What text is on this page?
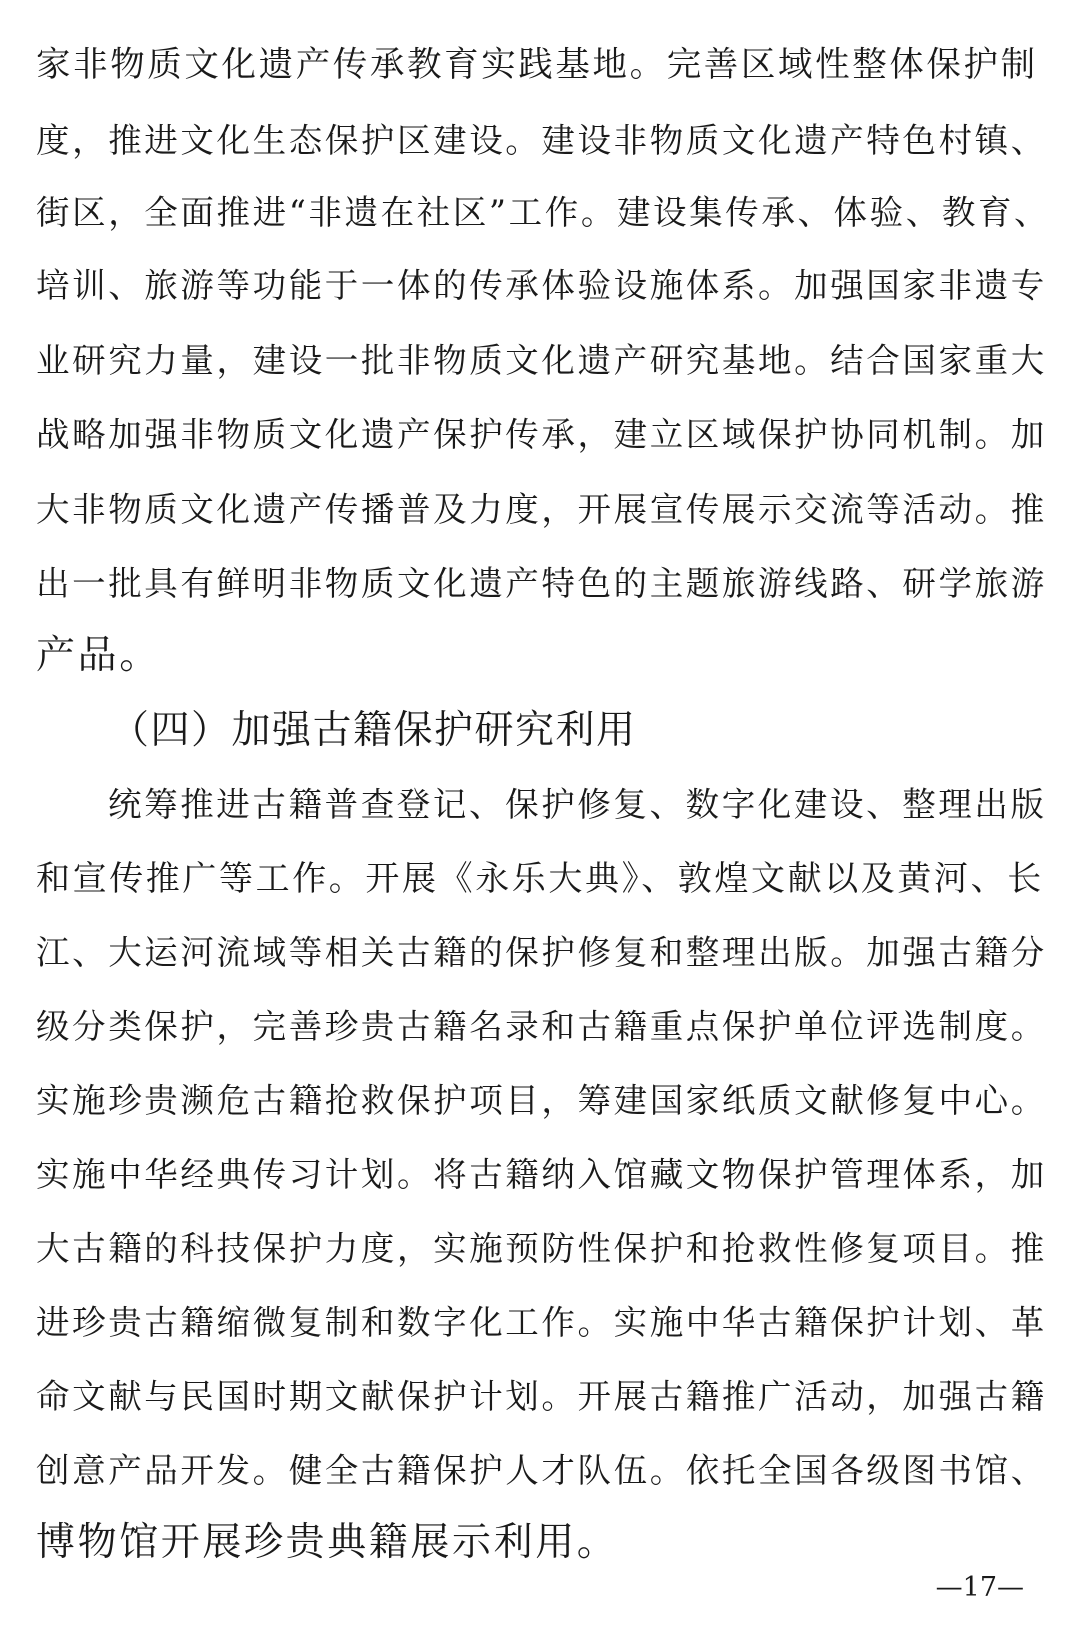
家非物质文化遗产传承教育实践基地。完善区域性整体保护制
度，推进文化生态保护区建设。建设非物质文化遗产特色村镇、
街区，全面推进“非遗在社区”工作。建设集传承、体验、教育、
培训、旅游等功能于一体的传承体验设施体系。加强国家非遗专
业研究力量，建设一批非物质文化遗产研究基地。结合国家重大
战略加强非物质文化遗产保护传承，建立区域保护协同机制。加
大非物质文化遗产传播普及力度，开展宣传展示交流等活动。推
出一批具有鲜明非物质文化遗产特色的主题旅游线路、研学旅游
产品。
（四）加强古籍保护研究利用
统筹推进古籍普查登记、保护修复、数字化建设、整理出版
和宣传推广等工作。开展《永乐大典》、敦煌文献以及黄河、长
江、大运河流域等相关古籍的保护修复和整理出版。加强古籍分
级分类保护，完善珍贵古籍名录和古籍重点保护单位评选制度。
实施珍贵濒危古籍抢救保护项目，筹建国家纸质文献修复中心。
实施中华经典传习计划。将古籍纳入馆藏文物保护管理体系，加
大古籍的科技保护力度，实施预防性保护和抢救性修复项目。推
进珍贵古籍缩微复制和数字化工作。实施中华古籍保护计划、革
命文献与民国时期文献保护计划。开展古籍推广活动，加强古籍
创意产品开发。健全古籍保护人才队伍。依托全国各级图书馆、
博物馆开展珍贵典籍展示利用。
—17—
